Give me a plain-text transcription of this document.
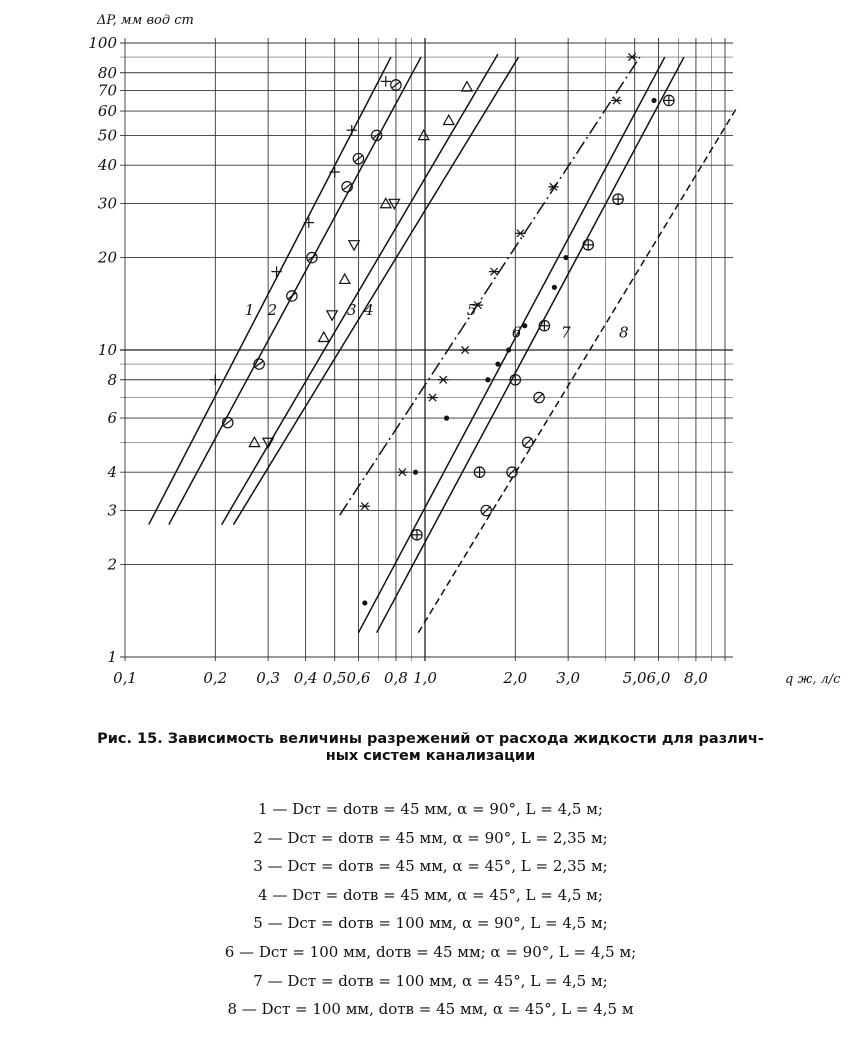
1 2	3 4	5
6	7	8
0,1	0,2 0,3 0,4 0,5 0,6 0,8 1,0	2,0 3,0	5,0 6,0 8,0
1
2
3
4
6
8
10
20
30
40
50
60
70
80
100
ΔP, мм вод ст
q ж, л/с
Рис. 15. Зависимость величины разрежений от расхода жидкости для различ-
ных систем канализации
1 — Dст = dотв = 45 мм, α = 90°, L = 4,5 м;
2 — Dст = dотв = 45 мм, α = 90°, L = 2,35 м;
3 — Dст = dотв = 45 мм, α = 45°, L = 2,35 м;
4 — Dст = dотв = 45 мм, α = 45°, L = 4,5 м;
5 — Dст = dотв = 100 мм, α = 90°, L = 4,5 м;
6 — Dст = 100 мм, dотв = 45 мм; α = 90°, L = 4,5 м;
7 — Dст = dотв = 100 мм, α = 45°, L = 4,5 м;
8 — Dст = 100 мм, dотв = 45 мм, α = 45°, L = 4,5 м
